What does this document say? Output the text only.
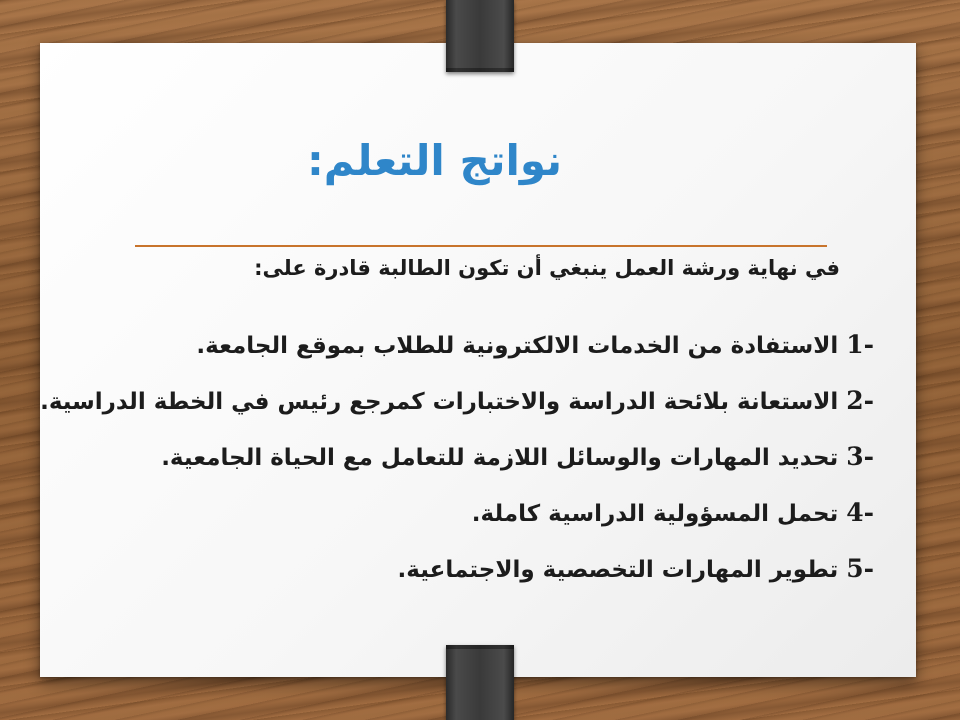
نواتج التعلم:

في نهاية ورشة العمل ينبغي أن تكون الطالبة قادرة على:

1-
الاستفادة من الخدمات الالكترونية للطلاب بموقع الجامعة.
2-
الاستعانة بلائحة الدراسة والاختبارات كمرجع رئيس في الخطة الدراسية.
3-
تحديد المهارات والوسائل اللازمة للتعامل مع الحياة الجامعية.
4-
تحمل المسؤولية الدراسية كاملة.
5-
تطوير المهارات التخصصية والاجتماعية.
